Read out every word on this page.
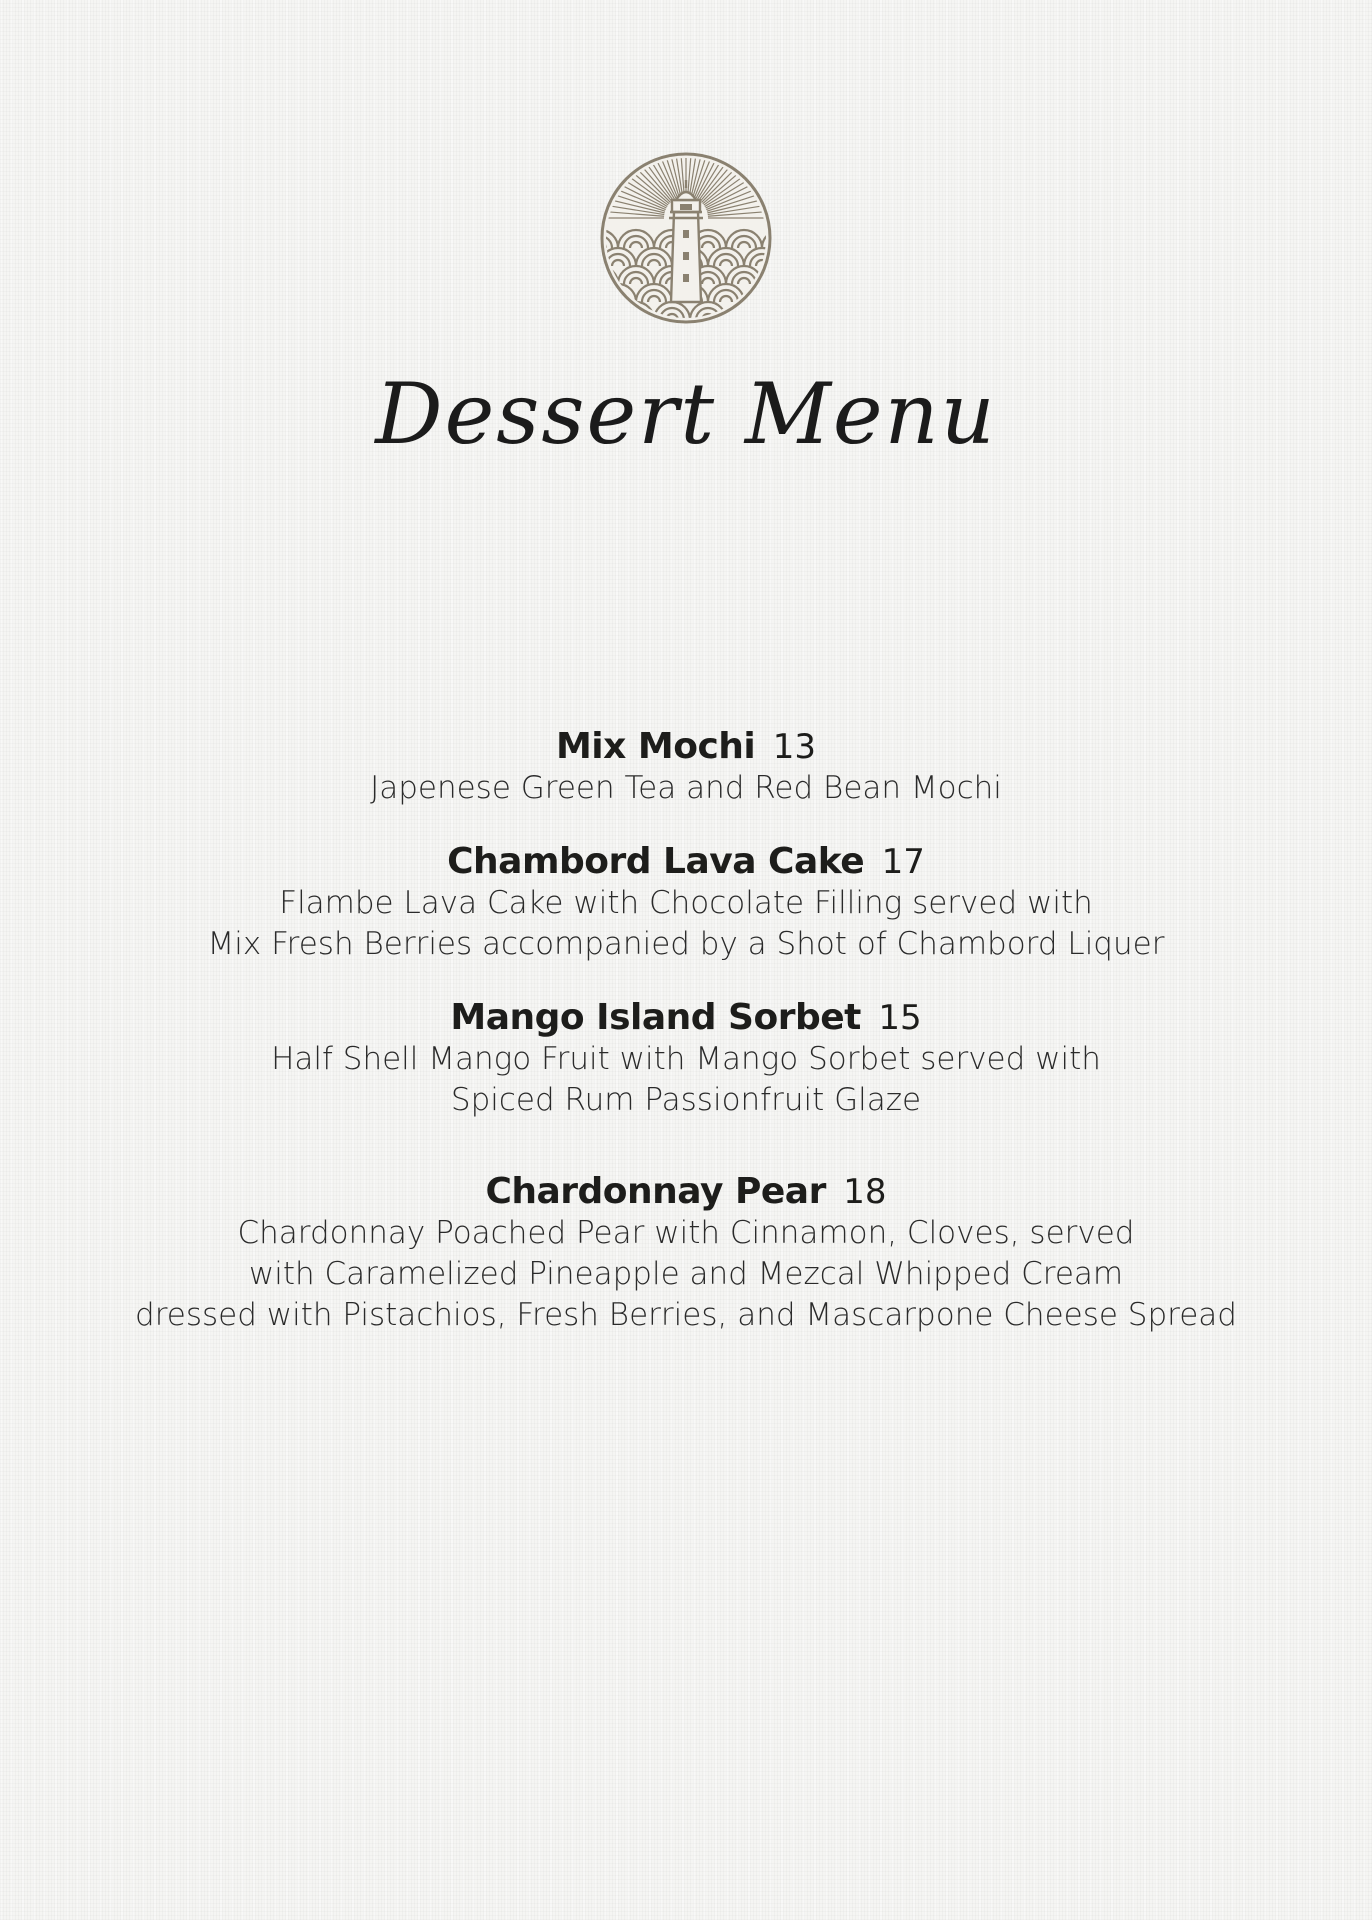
Dessert Menu
Mix Mochi 13
Japenese Green Tea and Red Bean Mochi
Chambord Lava Cake 17
Flambe Lava Cake with Chocolate Filling served with
Mix Fresh Berries accompanied by a Shot of Chambord Liquer
Mango Island Sorbet 15
Half Shell Mango Fruit with Mango Sorbet served with
Spiced Rum Passionfruit Glaze
Chardonnay Pear 18
Chardonnay Poached Pear with Cinnamon, Cloves, served
with Caramelized Pineapple and Mezcal Whipped Cream
dressed with Pistachios, Fresh Berries, and Mascarpone Cheese Spread
